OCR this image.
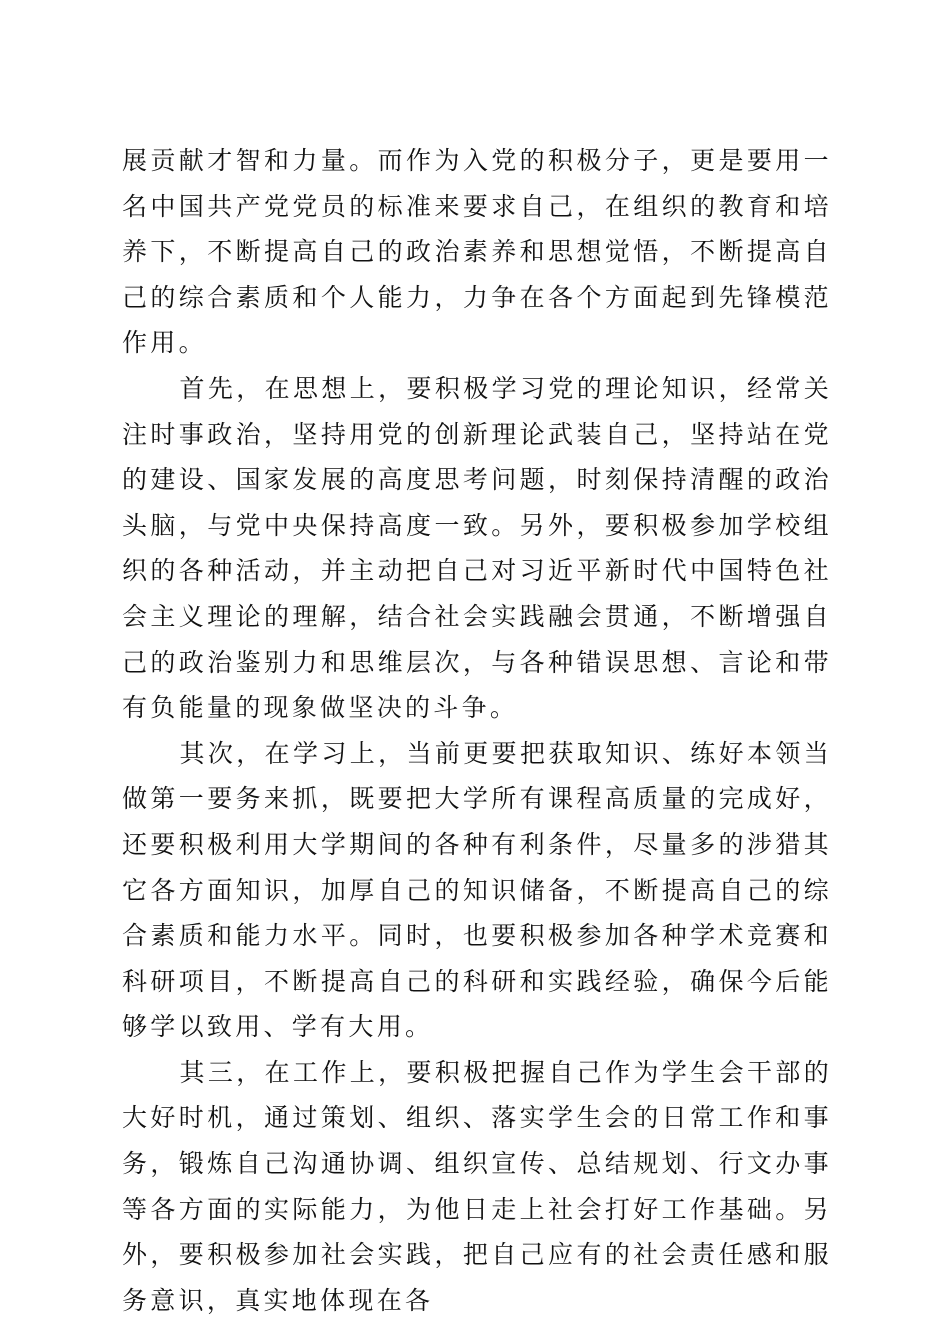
展贡献才智和力量。而作为入党的积极分子，更是要用一名中国共产党党员的标准来要求自己，在组织的教育和培养下，不断提高自己的政治素养和思想觉悟，不断提高自己的综合素质和个人能力，力争在各个方面起到先锋模范作用。

首先，在思想上，要积极学习党的理论知识，经常关注时事政治，坚持用党的创新理论武装自己，坚持站在党的建设、国家发展的高度思考问题，时刻保持清醒的政治头脑，与党中央保持高度一致。另外，要积极参加学校组织的各种活动，并主动把自己对习近平新时代中国特色社会主义理论的理解，结合社会实践融会贯通，不断增强自己的政治鉴别力和思维层次，与各种错误思想、言论和带有负能量的现象做坚决的斗争。

其次，在学习上，当前更要把获取知识、练好本领当做第一要务来抓，既要把大学所有课程高质量的完成好，还要积极利用大学期间的各种有利条件，尽量多的涉猎其它各方面知识，加厚自己的知识储备，不断提高自己的综合素质和能力水平。同时，也要积极参加各种学术竞赛和科研项目，不断提高自己的科研和实践经验，确保今后能够学以致用、学有大用。

其三，在工作上，要积极把握自己作为学生会干部的大好时机，通过策划、组织、落实学生会的日常工作和事务，锻炼自己沟通协调、组织宣传、总结规划、行文办事等各方面的实际能力，为他日走上社会打好工作基础。另外，要积极参加社会实践，把自己应有的社会责任感和服务意识，真实地体现在各
